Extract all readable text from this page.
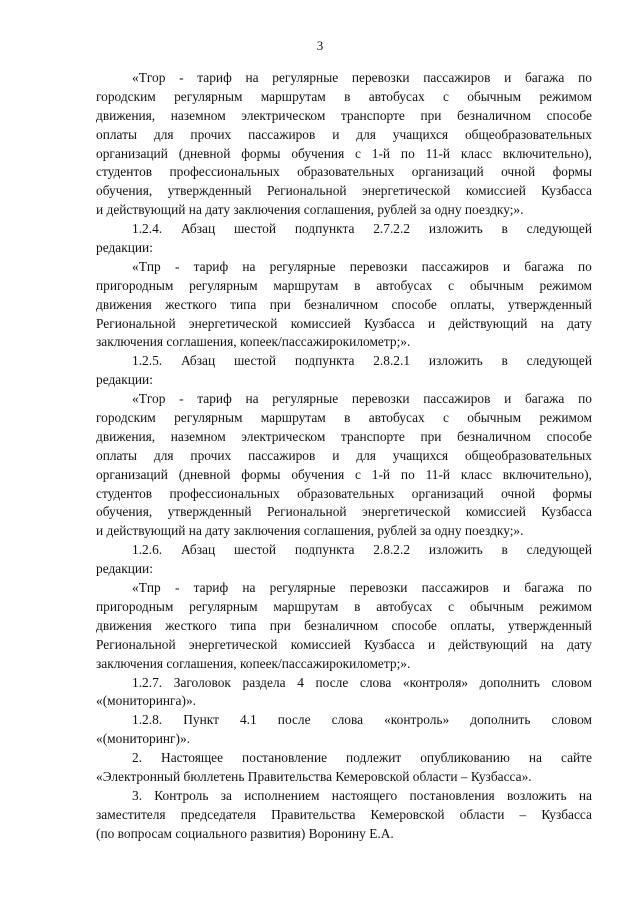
3
«Tгор - тариф на регулярные перевозки пассажиров и багажа по
городским регулярным маршрутам в автобусах с обычным режимом
движения, наземном электрическом транспорте при безналичном способе
оплаты для прочих пассажиров и для учащихся общеобразовательных
организаций (дневной формы обучения с 1-й по 11-й класс включительно),
студентов профессиональных образовательных организаций очной формы
обучения, утвержденный Региональной энергетической комиссией Кузбасса
и действующий на дату заключения соглашения, рублей за одну поездку;».
1.2.4. Абзац шестой подпункта 2.7.2.2 изложить в следующей
редакции:
«Tпр - тариф на регулярные перевозки пассажиров и багажа по
пригородным регулярным маршрутам в автобусах с обычным режимом
движения жесткого типа при безналичном способе оплаты, утвержденный
Региональной энергетической комиссией Кузбасса и действующий на дату
заключения соглашения, копеек/пассажирокилометр;».
1.2.5. Абзац шестой подпункта 2.8.2.1 изложить в следующей
редакции:
«Tгор - тариф на регулярные перевозки пассажиров и багажа по
городским регулярным маршрутам в автобусах с обычным режимом
движения, наземном электрическом транспорте при безналичном способе
оплаты для прочих пассажиров и для учащихся общеобразовательных
организаций (дневной формы обучения с 1-й по 11-й класс включительно),
студентов профессиональных образовательных организаций очной формы
обучения, утвержденный Региональной энергетической комиссией Кузбасса
и действующий на дату заключения соглашения, рублей за одну поездку;».
1.2.6. Абзац шестой подпункта 2.8.2.2 изложить в следующей
редакции:
«Tпр - тариф на регулярные перевозки пассажиров и багажа по
пригородным регулярным маршрутам в автобусах с обычным режимом
движения жесткого типа при безналичном способе оплаты, утвержденный
Региональной энергетической комиссией Кузбасса и действующий на дату
заключения соглашения, копеек/пассажирокилометр;».
1.2.7. Заголовок раздела 4 после слова «контроля» дополнить словом
«(мониторинга)».
1.2.8. Пункт 4.1 после слова «контроль» дополнить словом
«(мониторинг)».
2. Настоящее постановление подлежит опубликованию на сайте
«Электронный бюллетень Правительства Кемеровской области – Кузбасса».
3. Контроль за исполнением настоящего постановления возложить на
заместителя председателя Правительства Кемеровской области – Кузбасса
(по вопросам социального развития) Воронину Е.А.
